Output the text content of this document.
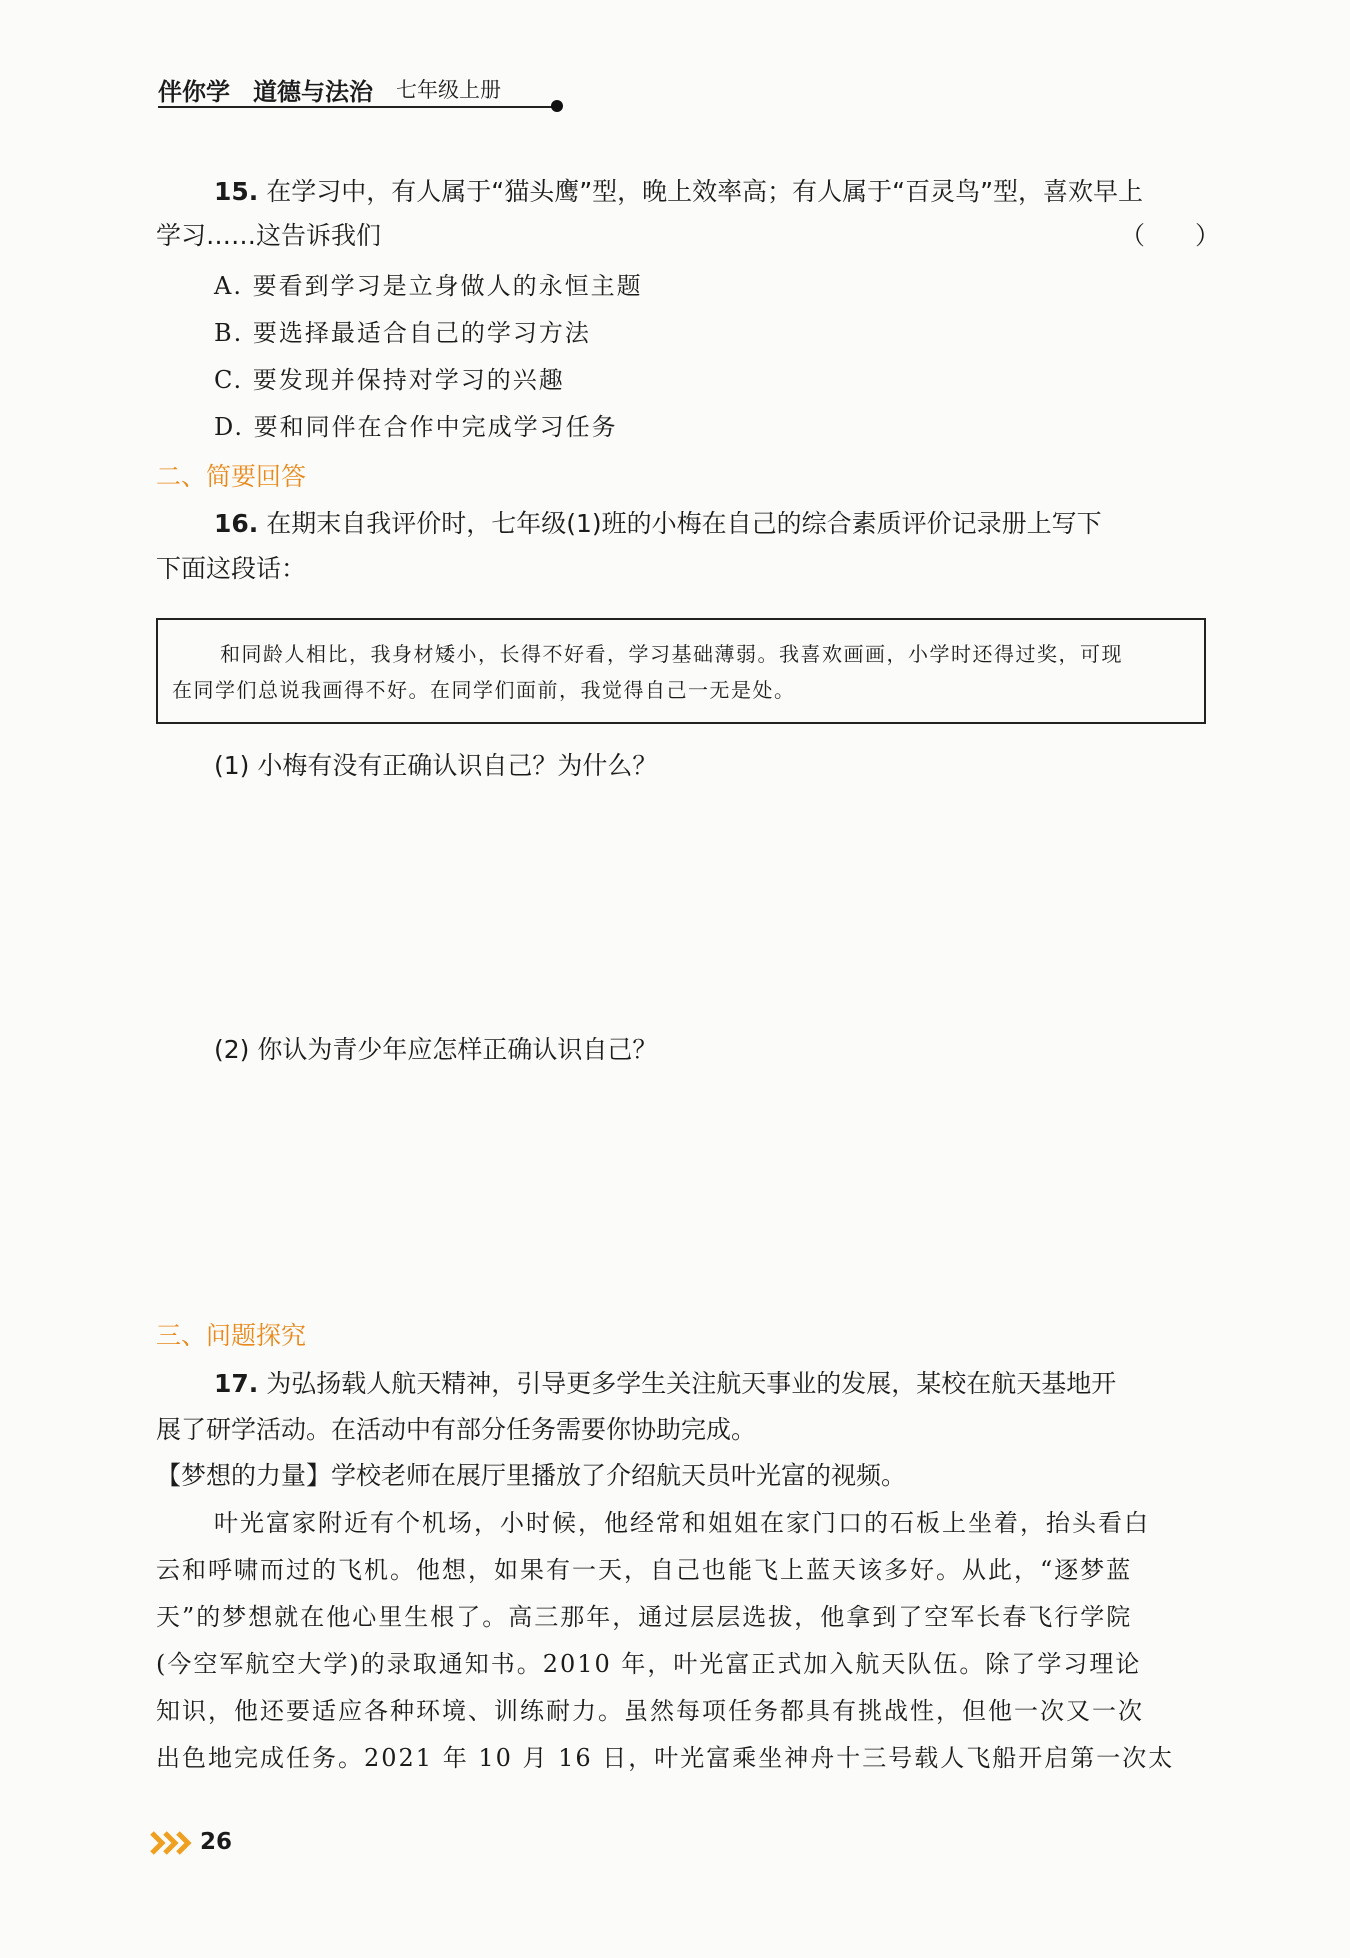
伴你学 道德与法治 七年级上册
15. 在学习中，有人属于“猫头鹰”型，晚上效率高；有人属于“百灵鸟”型，喜欢早上
学习……这告诉我们	（　　）
A. 要看到学习是立身做人的永恒主题
B. 要选择最适合自己的学习方法
C. 要发现并保持对学习的兴趣
D. 要和同伴在合作中完成学习任务
二、简要回答
16. 在期末自我评价时，七年级(1)班的小梅在自己的综合素质评价记录册上写下
下面这段话：
和同龄人相比，我身材矮小，长得不好看，学习基础薄弱。我喜欢画画，小学时还得过奖，可现
在同学们总说我画得不好。在同学们面前，我觉得自己一无是处。
(1) 小梅有没有正确认识自己？为什么？
(2) 你认为青少年应怎样正确认识自己？
三、问题探究
17. 为弘扬载人航天精神，引导更多学生关注航天事业的发展，某校在航天基地开
展了研学活动。在活动中有部分任务需要你协助完成。
【梦想的力量】学校老师在展厅里播放了介绍航天员叶光富的视频。
叶光富家附近有个机场，小时候，他经常和姐姐在家门口的石板上坐着，抬头看白
云和呼啸而过的飞机。他想，如果有一天，自己也能飞上蓝天该多好。从此，“逐梦蓝
天”的梦想就在他心里生根了。高三那年，通过层层选拔，他拿到了空军长春飞行学院
(今空军航空大学)的录取通知书。2010 年，叶光富正式加入航天队伍。除了学习理论
知识，他还要适应各种环境、训练耐力。虽然每项任务都具有挑战性，但他一次又一次
出色地完成任务。2021 年 10 月 16 日，叶光富乘坐神舟十三号载人飞船开启第一次太
26
